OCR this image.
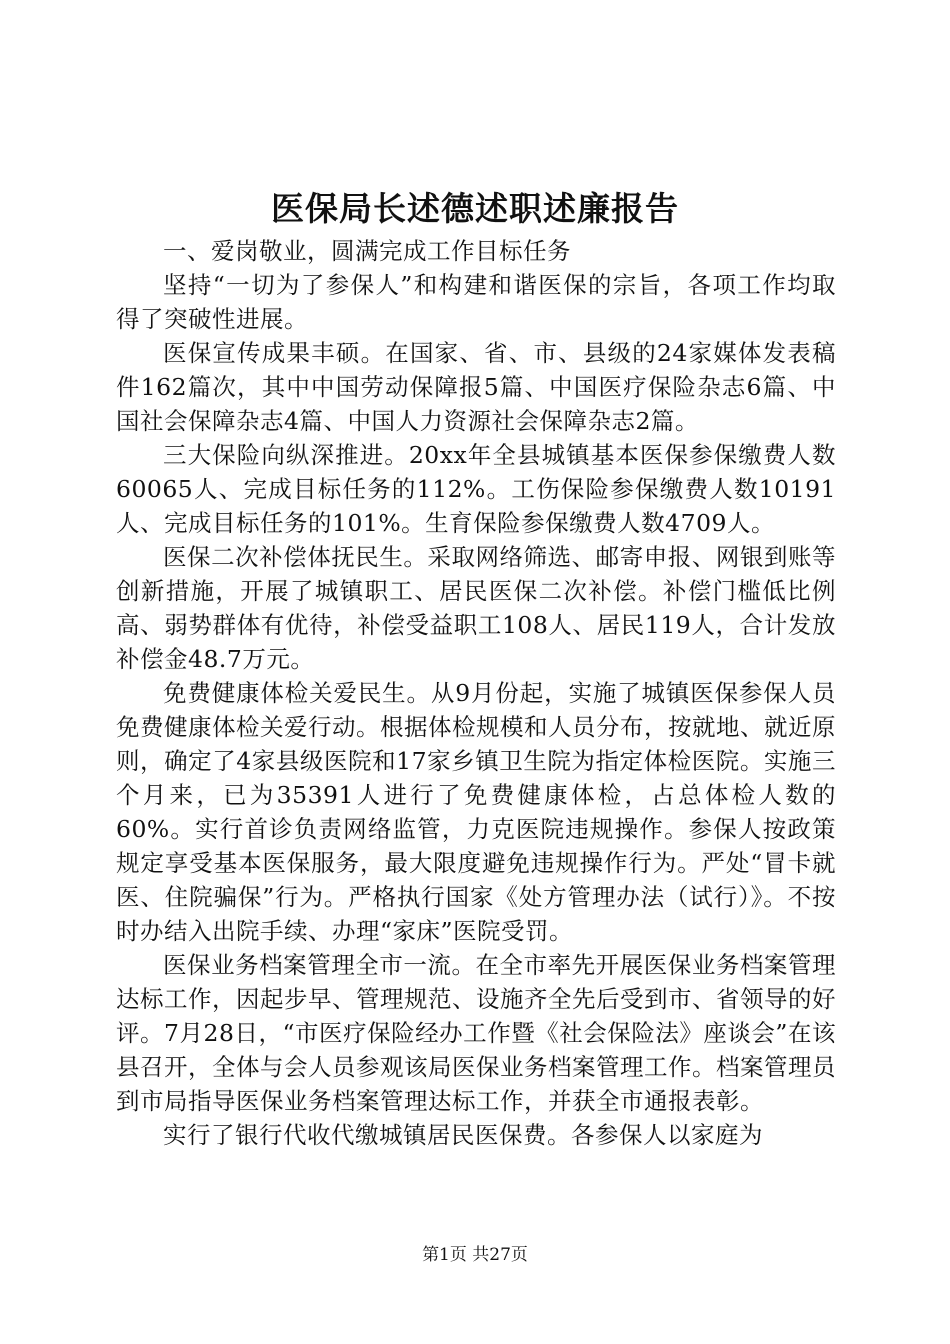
医保局长述德述职述廉报告

一、爱岗敬业，圆满完成工作目标任务

坚持“一切为了参保人”和构建和谐医保的宗旨，各项工作均取得了突破性进展。

医保宣传成果丰硕。在国家、省、市、县级的24家媒体发表稿件162篇次，其中中国劳动保障报5篇、中国医疗保险杂志6篇、中国社会保障杂志4篇、中国人力资源社会保障杂志2篇。

三大保险向纵深推进。20xx年全县城镇基本医保参保缴费人数60065人、完成目标任务的112%。工伤保险参保缴费人数10191人、完成目标任务的101%。生育保险参保缴费人数4709人。

医保二次补偿体抚民生。采取网络筛选、邮寄申报、网银到账等创新措施，开展了城镇职工、居民医保二次补偿。补偿门槛低比例高、弱势群体有优待，补偿受益职工108人、居民119人，合计发放补偿金48.7万元。

免费健康体检关爱民生。从9月份起，实施了城镇医保参保人员免费健康体检关爱行动。根据体检规模和人员分布，按就地、就近原则，确定了4家县级医院和17家乡镇卫生院为指定体检医院。实施三个月来，已为35391人进行了免费健康体检，占总体检人数的60%。实行首诊负责网络监管，力克医院违规操作。参保人按政策规定享受基本医保服务，最大限度避免违规操作行为。严处“冒卡就医、住院骗保”行为。严格执行国家《处方管理办法（试行）》。不按时办结入出院手续、办理“家床”医院受罚。

医保业务档案管理全市一流。在全市率先开展医保业务档案管理达标工作，因起步早、管理规范、设施齐全先后受到市、省领导的好评。7月28日，“市医疗保险经办工作暨《社会保险法》座谈会”在该县召开，全体与会人员参观该局医保业务档案管理工作。档案管理员到市局指导医保业务档案管理达标工作，并获全市通报表彰。

实行了银行代收代缴城镇居民医保费。各参保人以家庭为

第1页 共27页
